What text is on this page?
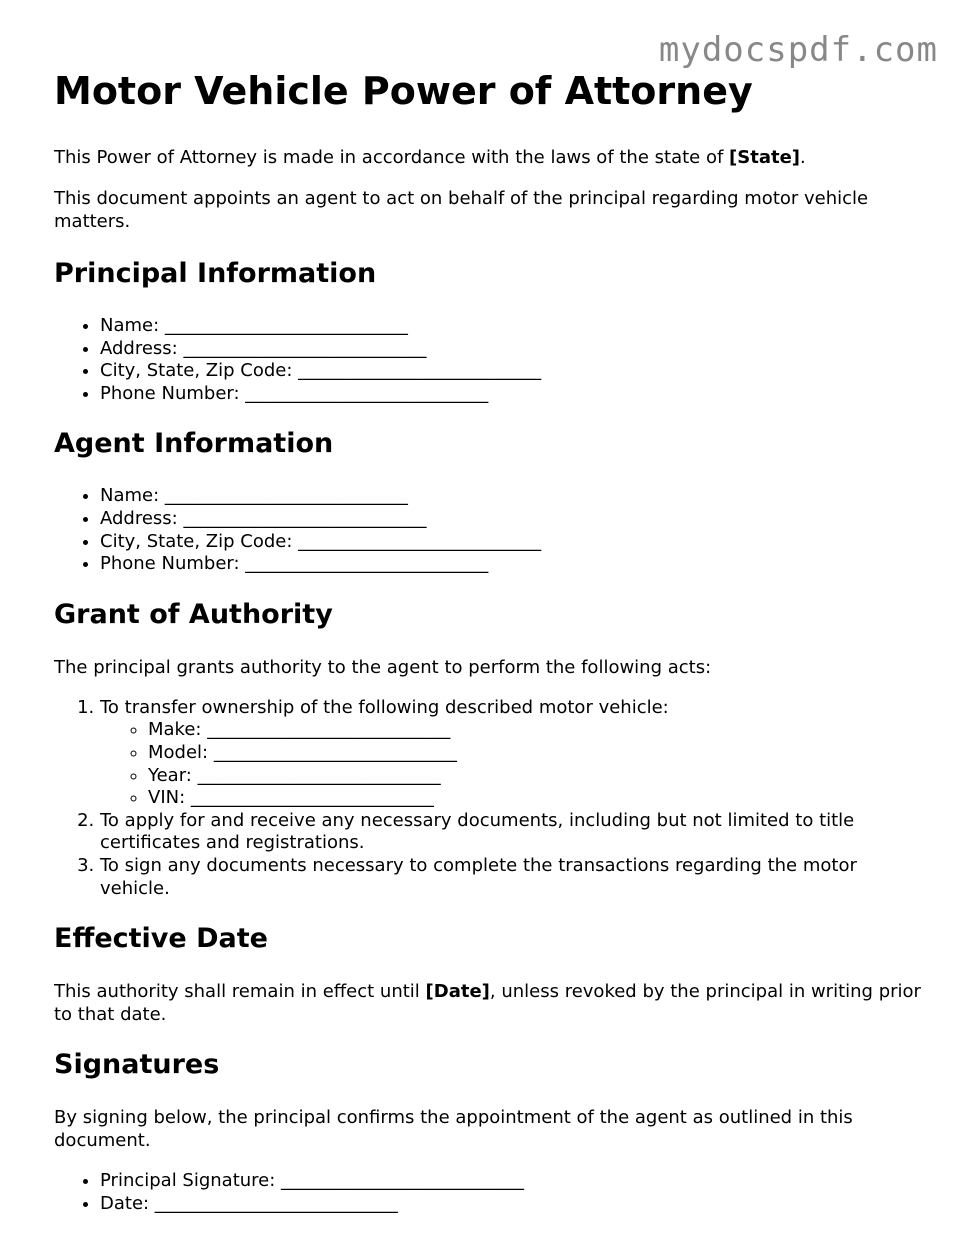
mydocspdf.com
Motor Vehicle Power of Attorney

This Power of Attorney is made in accordance with the laws of the state of [State].

This document appoints an agent to act on behalf of the principal regarding motor vehicle matters.

Principal Information
• Name: ___________________________
• Address: ___________________________
• City, State, Zip Code: ___________________________
• Phone Number: ___________________________
Agent Information
• Name: ___________________________
• Address: ___________________________
• City, State, Zip Code: ___________________________
• Phone Number: ___________________________
Grant of Authority

The principal grants authority to the agent to perform the following acts:

1. To transfer ownership of the following described motor vehicle:
◦ Make: ___________________________
◦ Model: ___________________________
◦ Year: ___________________________
◦ VIN: ___________________________
2. To apply for and receive any necessary documents, including but not limited to title certificates and registrations.
3. To sign any documents necessary to complete the transactions regarding the motor vehicle.
Effective Date

This authority shall remain in effect until [Date], unless revoked by the principal in writing prior to that date.

Signatures

By signing below, the principal confirms the appointment of the agent as outlined in this document.

• Principal Signature: ___________________________
• Date: ___________________________
